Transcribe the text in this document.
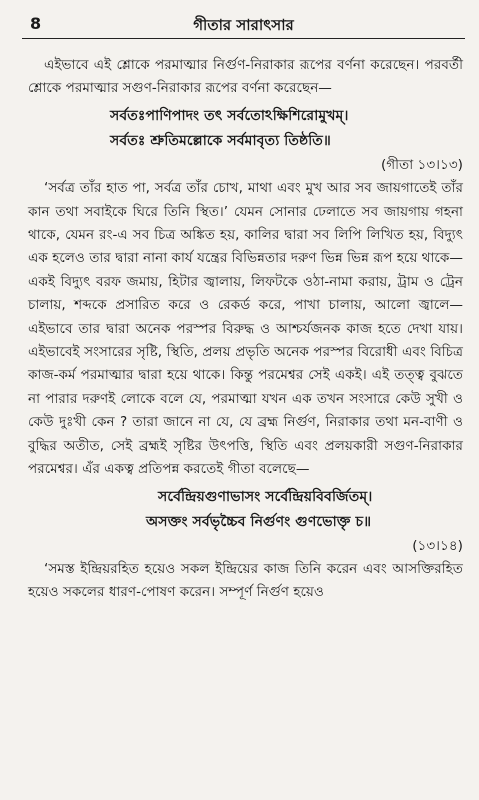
8	গীতার সারাৎসার

এইভাবে এই শ্লোকে পরমাত্মার নির্গুণ-নিরাকার রূপের বর্ণনা করেছেন। পরবর্তী শ্লোকে পরমাত্মার সগুণ-নিরাকার রূপের বর্ণনা করেছেন—

সর্বতঃপাণিপাদং তৎ সর্বতোঽক্ষিশিরোমুখম্।
সর্বতঃ শ্রুতিমল্লোকে সর্বমাবৃত্য তিষ্ঠতি॥
(গীতা ১৩।১৩)

‘সর্বত্র তাঁর হাত পা, সর্বত্র তাঁর চোখ, মাথা এবং মুখ আর সব জায়গাতেই তাঁর কান তথা সবাইকে ঘিরে তিনি স্থিত।’ যেমন সোনার ঢেলাতে সব জায়গায় গহনা থাকে, যেমন রং-এ সব চিত্র অঙ্কিত হয়, কালির দ্বারা সব লিপি লিখিত হয়, বিদ্যুৎ এক হলেও তার দ্বারা নানা কার্য যন্ত্রের বিভিন্নতার দরুণ ভিন্ন ভিন্ন রূপ হয়ে থাকে—একই বিদ্যুৎ বরফ জমায়, হিটার জ্বালায়, লিফটকে ওঠা-নামা করায়, ট্রাম ও ট্রেন চালায়, শব্দকে প্রসারিত করে ও রেকর্ড করে, পাখা চালায়, আলো জ্বালে—এইভাবে তার দ্বারা অনেক পরস্পর বিরুদ্ধ ও আশ্চর্যজনক কাজ হতে দেখা যায়। এইভাবেই সংসারের সৃষ্টি, স্থিতি, প্রলয় প্রভৃতি অনেক পরস্পর বিরোধী এবং বিচিত্র কাজ-কর্ম পরমাত্মার দ্বারা হয়ে থাকে। কিন্তু পরমেশ্বর সেই একই। এই তত্ত্ব বুঝতে না পারার দরুণই লোকে বলে যে, পরমাত্মা যখন এক তখন সংসারে কেউ সুখী ও কেউ দুঃখী কেন ? তারা জানে না যে, যে ব্রহ্ম নির্গুণ, নিরাকার তথা মন-বাণী ও বুদ্ধির অতীত, সেই ব্রহ্মই সৃষ্টির উৎপত্তি, স্থিতি এবং প্রলয়কারী সগুণ-নিরাকার পরমেশ্বর। এঁর একত্ব প্রতিপন্ন করতেই গীতা বলেছে—

সর্বেন্দ্রিয়গুণাভাসং সর্বেন্দ্রিয়বিবর্জিতম্।
অসক্তং সর্বভৃচ্চৈব নির্গুণং গুণভোক্তৃ চ॥
(১৩।১৪)

‘সমস্ত ইন্দ্রিয়রহিত হয়েও সকল ইন্দ্রিয়ের কাজ তিনি করেন এবং আসক্তিরহিত হয়েও সকলের ধারণ-পোষণ করেন। সম্পূর্ণ নির্গুণ হয়েও
